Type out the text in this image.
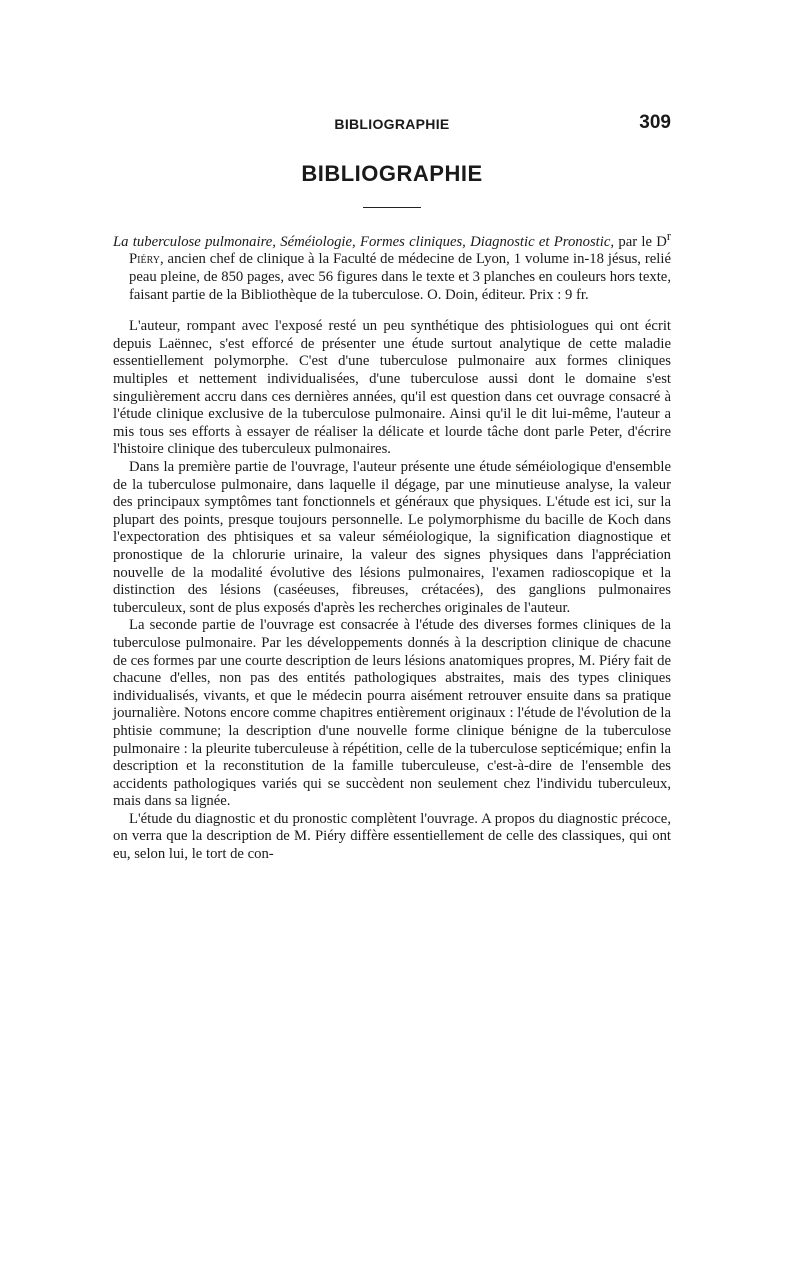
BIBLIOGRAPHIE	309
BIBLIOGRAPHIE
La tuberculose pulmonaire, Séméiologie, Formes cliniques, Diagnostic et Pronostic, par le $D^r$ Piéry, ancien chef de clinique à la Faculté de médecine de Lyon, 1 volume in-18 jésus, relié peau pleine, de 850 pages, avec 56 figures dans le texte et 3 planches en couleurs hors texte, faisant partie de la Bibliothèque de la tuberculose. O. Doin, éditeur. Prix : 9 fr.

L'auteur, rompant avec l'exposé resté un peu synthétique des phtisiologues qui ont écrit depuis Laënnec, s'est efforcé de présenter une étude surtout analytique de cette maladie essentiellement polymorphe. C'est d'une tuberculose pulmonaire aux formes cliniques multiples et nettement individualisées, d'une tuberculose aussi dont le domaine s'est singulièrement accru dans ces dernières années, qu'il est question dans cet ouvrage consacré à l'étude clinique exclusive de la tuberculose pulmonaire. Ainsi qu'il le dit lui-même, l'auteur a mis tous ses efforts à essayer de réaliser la délicate et lourde tâche dont parle Peter, d'écrire l'histoire clinique des tuberculeux pulmonaires.

Dans la première partie de l'ouvrage, l'auteur présente une étude séméiologique d'ensemble de la tuberculose pulmonaire, dans laquelle il dégage, par une minutieuse analyse, la valeur des principaux symptômes tant fonctionnels et généraux que physiques. L'étude est ici, sur la plupart des points, presque toujours personnelle. Le polymorphisme du bacille de Koch dans l'expectoration des phtisiques et sa valeur séméiologique, la signification diagnostique et pronostique de la chlorurie urinaire, la valeur des signes physiques dans l'appréciation nouvelle de la modalité évolutive des lésions pulmonaires, l'examen radioscopique et la distinction des lésions (caséeuses, fibreuses, crétacées), des ganglions pulmonaires tuberculeux, sont de plus exposés d'après les recherches originales de l'auteur.

La seconde partie de l'ouvrage est consacrée à l'étude des diverses formes cliniques de la tuberculose pulmonaire. Par les développements donnés à la description clinique de chacune de ces formes par une courte description de leurs lésions anatomiques propres, M. Piéry fait de chacune d'elles, non pas des entités pathologiques abstraites, mais des types cliniques individualisés, vivants, et que le médecin pourra aisément retrouver ensuite dans sa pratique journalière. Notons encore comme chapitres entièrement originaux : l'étude de l'évolution de la phtisie commune; la description d'une nouvelle forme clinique bénigne de la tuberculose pulmonaire : la pleurite tuberculeuse à répétition, celle de la tuberculose septicémique; enfin la description et la reconstitution de la famille tuberculeuse, c'est-à-dire de l'ensemble des accidents pathologiques variés qui se succèdent non seulement chez l'individu tuberculeux, mais dans sa lignée.

L'étude du diagnostic et du pronostic complètent l'ouvrage. A propos du diagnostic précoce, on verra que la description de M. Piéry diffère essentiellement de celle des classiques, qui ont eu, selon lui, le tort de con-
